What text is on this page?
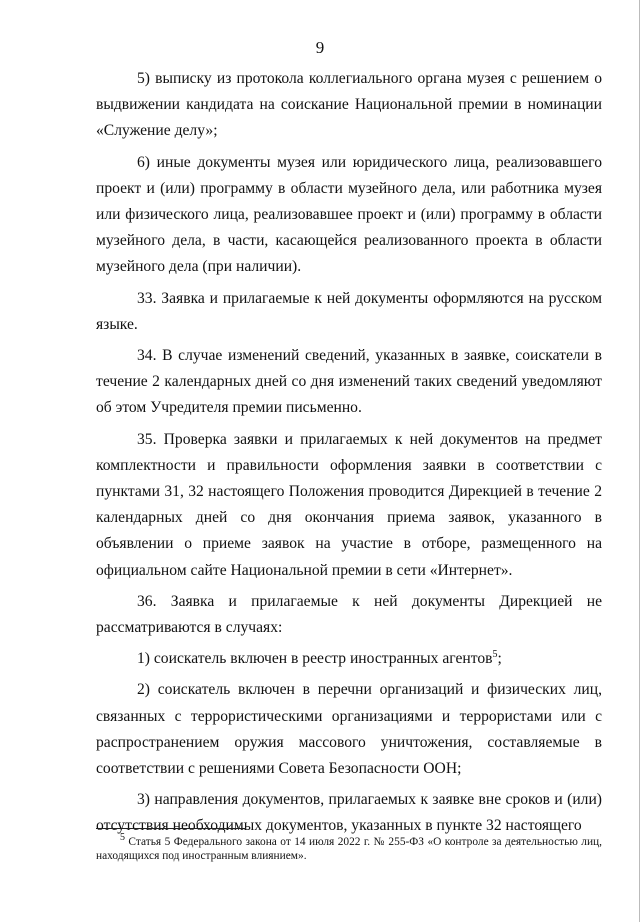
9

5) выписку из протокола коллегиального органа музея с решением о выдвижении кандидата на соискание Национальной премии в номинации «Служение делу»;

6) иные документы музея или юридического лица, реализовавшего проект и (или) программу в области музейного дела, или работника музея или физического лица, реализовавшее проект и (или) программу в области музейного дела, в части, касающейся реализованного проекта в области музейного дела (при наличии).

33. Заявка и прилагаемые к ней документы оформляются на русском языке.

34. В случае изменений сведений, указанных в заявке, соискатели в течение 2 календарных дней со дня изменений таких сведений уведомляют об этом Учредителя премии письменно.

35. Проверка заявки и прилагаемых к ней документов на предмет комплектности и правильности оформления заявки в соответствии с пунктами 31, 32 настоящего Положения проводится Дирекцией в течение 2 календарных дней со дня окончания приема заявок, указанного в объявлении о приеме заявок на участие в отборе, размещенного на официальном сайте Национальной премии в сети «Интернет».

36. Заявка и прилагаемые к ней документы Дирекцией не рассматриваются в случаях:

1) соискатель включен в реестр иностранных агентов$^5$;

2) соискатель включен в перечни организаций и физических лиц, связанных с террористическими организациями и террористами или с распространением оружия массового уничтожения, составляемые в соответствии с решениями Совета Безопасности ООН;

3) направления документов, прилагаемых к заявке вне сроков и (или) отсутствия необходимых документов, указанных в пункте 32 настоящего

$^5$ Статья 5 Федерального закона от 14 июля 2022 г. № 255-ФЗ «О контроле за деятельностью лиц, находящихся под иностранным влиянием».
